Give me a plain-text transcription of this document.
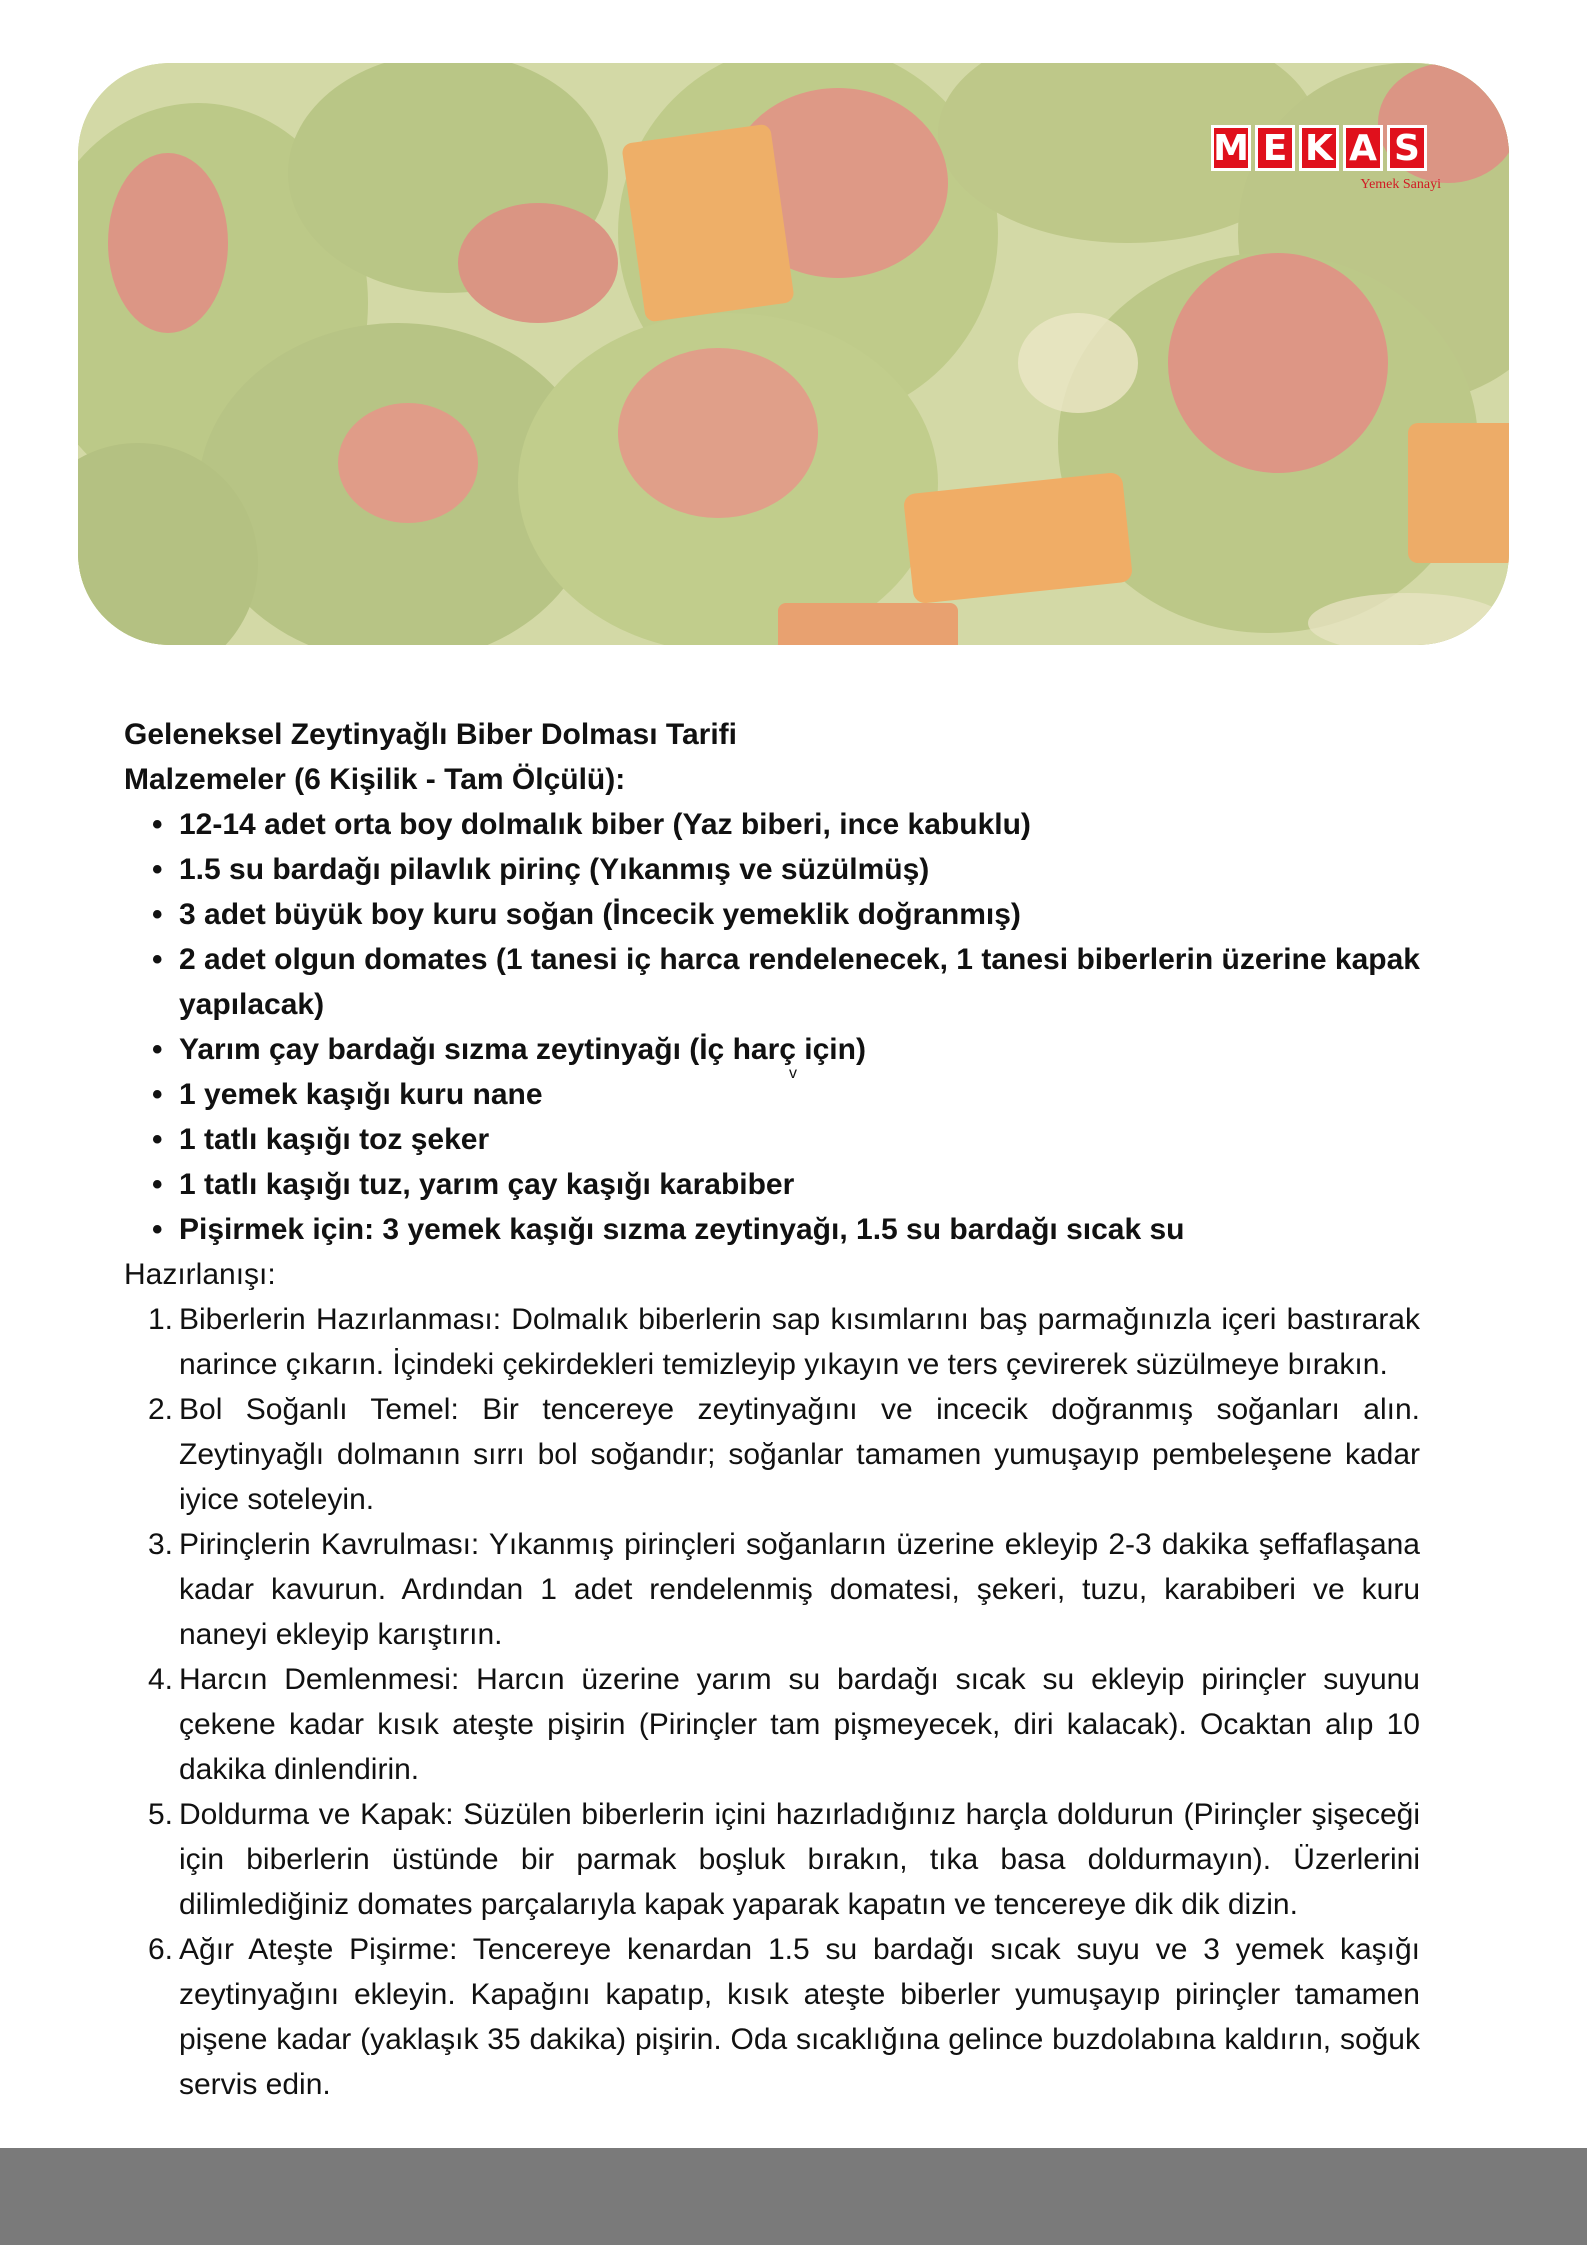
M E K A S
Yemek Sanayi

Geleneksel Zeytinyağlı Biber Dolması Tarifi

Malzemeler (6 Kişilik - Tam Ölçülü):

• 12-14 adet orta boy dolmalık biber (Yaz biberi, ince kabuklu)
• 1.5 su bardağı pilavlık pirinç (Yıkanmış ve süzülmüş)
• 3 adet büyük boy kuru soğan (İncecik yemeklik doğranmış)
• 2 adet olgun domates (1 tanesi iç harca rendelenecek, 1 tanesi biberlerin üzerine kapak yapılacak)
• Yarım çay bardağı sızma zeytinyağı (İç harç için)
• 1 yemek kaşığı kuru nane
• 1 tatlı kaşığı toz şeker
• 1 tatlı kaşığı tuz, yarım çay kaşığı karabiber
• Pişirmek için: 3 yemek kaşığı sızma zeytinyağı, 1.5 su bardağı sıcak su

Hazırlanışı:

1. Biberlerin Hazırlanması: Dolmalık biberlerin sap kısımlarını baş parmağınızla içeri bastırarak narince çıkarın. İçindeki çekirdekleri temizleyip yıkayın ve ters çevirerek süzülmeye bırakın.
2. Bol Soğanlı Temel: Bir tencereye zeytinyağını ve incecik doğranmış soğanları alın. Zeytinyağlı dolmanın sırrı bol soğandır; soğanlar tamamen yumuşayıp pembeleşene kadar iyice soteleyin.
3. Pirinçlerin Kavrulması: Yıkanmış pirinçleri soğanların üzerine ekleyip 2-3 dakika şeffaflaşana kadar kavurun. Ardından 1 adet rendelenmiş domatesi, şekeri, tuzu, karabiberi ve kuru naneyi ekleyip karıştırın.
4. Harcın Demlenmesi: Harcın üzerine yarım su bardağı sıcak su ekleyip pirinçler suyunu çekene kadar kısık ateşte pişirin (Pirinçler tam pişmeyecek, diri kalacak). Ocaktan alıp 10 dakika dinlendirin.
5. Doldurma ve Kapak: Süzülen biberlerin içini hazırladığınız harçla doldurun (Pirinçler şişeceği için biberlerin üstünde bir parmak boşluk bırakın, tıka basa doldurmayın). Üzerlerini dilimlediğiniz domates parçalarıyla kapak yaparak kapatın ve tencereye dik dik dizin.
6. Ağır Ateşte Pişirme: Tencereye kenardan 1.5 su bardağı sıcak suyu ve 3 yemek kaşığı zeytinyağını ekleyin. Kapağını kapatıp, kısık ateşte biberler yumuşayıp pirinçler tamamen pişene kadar (yaklaşık 35 dakika) pişirin. Oda sıcaklığına gelince buzdolabına kaldırın, soğuk servis edin.
v
